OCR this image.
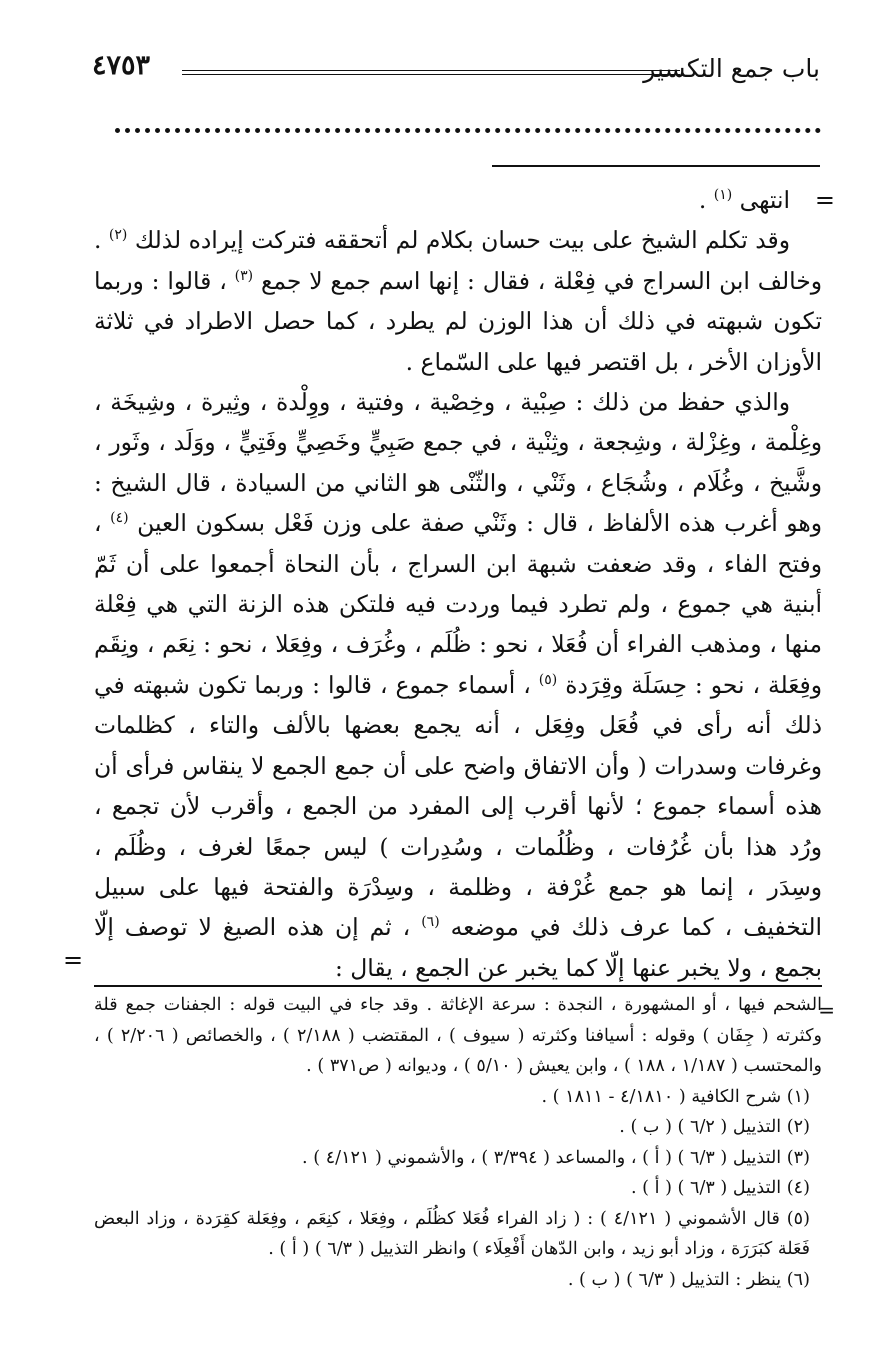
باب جمع التكسير
٤٧٥٣
=

انتهى $^{(١)}$ .

وقد تكلم الشيخ على بيت حسان بكلام لم أتحققه فتركت إيراده لذلك $^{(٢)}$ . وخالف ابن السراج في فِعْلة ، فقال : إنها اسم جمع لا جمع $^{(٣)}$ ، قالوا : وربما تكون شبهته في ذلك أن هذا الوزن لم يطرد ، كما حصل الاطراد في ثلاثة الأوزان الأخر ، بل اقتصر فيها على السّماع .

والذي حفظ من ذلك : صِبْية ، وخِصْية ، وفتية ، ووِلْدة ، وثِيرة ، وشِيخَة ، وغِلْمة ، وغِزْلة ، وشِجعة ، وثِنْية ، في جمع صَبِيٍّ وخَصِيٍّ وفَتِيٍّ ، ووَلَد ، وثَور ، وشَّيخ ، وغُلَام ، وشُجَاع ، وثَنْي ، والثّنْى هو الثاني من السيادة ، قال الشيخ : وهو أغرب هذه الألفاظ ، قال : وثَنْي صفة على وزن فَعْل بسكون العين $^{(٤)}$ ، وفتح الفاء ، وقد ضعفت شبهة ابن السراج ، بأن النحاة أجمعوا على أن ثَمّ أبنية هي جموع ، ولم تطرد فيما وردت فيه فلتكن هذه الزنة التي هي فِعْلة منها ، ومذهب الفراء أن فُعَلا ، نحو : ظُلَم ، وغُرَف ، وفِعَلا ، نحو : نِعَم ، ونِقَم وفِعَلة ، نحو : حِسَلَة وقِرَدة $^{(٥)}$ ، أسماء جموع ، قالوا : وربما تكون شبهته في ذلك أنه رأى في فُعَل وفِعَل ، أنه يجمع بعضها بالألف والتاء ، كظلمات وغرفات وسدرات ( وأن الاتفاق واضح على أن جمع الجمع لا ينقاس فرأى أن هذه أسماء جموع ؛ لأنها أقرب إلى المفرد من الجمع ، وأقرب لأن تجمع ، ورُد هذا بأن غُرُفات ، وظُلُمات ، وسُدِرات ) ليس جمعًا لغرف ، وظُلَم ، وسِدَر ، إنما هو جمع غُرْفة ، وظلمة ، وسِدْرَة والفتحة فيها على سبيل التخفيف ، كما عرف ذلك في موضعه $^{(٦)}$ ، ثم إن هذه الصيغ لا توصف إلّا بجمع ، ولا يخبر عنها إلّا كما يخبر عن الجمع ، يقال :

=
=

الشحم فيها ، أو المشهورة ، النجدة : سرعة الإغاثة . وقد جاء في البيت قوله : الجفنات جمع قلة وكثرته ( جِفَان ) وقوله : أسيافنا وكثرته ( سيوف ) ، المقتضب ( ٢/١٨٨ ) ، والخصائص ( ٢/٢٠٦ ) ، والمحتسب ( ١/١٨٧ ، ١٨٨ ) ، وابن يعيش ( ٥/١٠ ) ، وديوانه ( ص٣٧١ ) .

(١) شرح الكافية ( ٤/١٨١٠ - ١٨١١ ) .

(٢) التذييل ( ٦/٢ ) ( ب ) .

(٣) التذييل ( ٦/٣ ) ( أ ) ، والمساعد ( ٣/٣٩٤ ) ، والأشموني ( ٤/١٢١ ) .

(٤) التذييل ( ٦/٣ ) ( أ ) .

(٥) قال الأشموني ( ٤/١٢١ ) : ( زاد الفراء فُعَلا كظُلَم ، وفِعَلا ، كنِعَم ، وفِعَلة كقِرَدة ، وزاد البعض فَعَلة كبَرَرَة ، وزاد أبو زيد ، وابن الدّهان أَفْعِلَاء ) وانظر التذييل ( ٦/٣ ) ( أ ) .

(٦) ينظر : التذييل ( ٦/٣ ) ( ب ) .
